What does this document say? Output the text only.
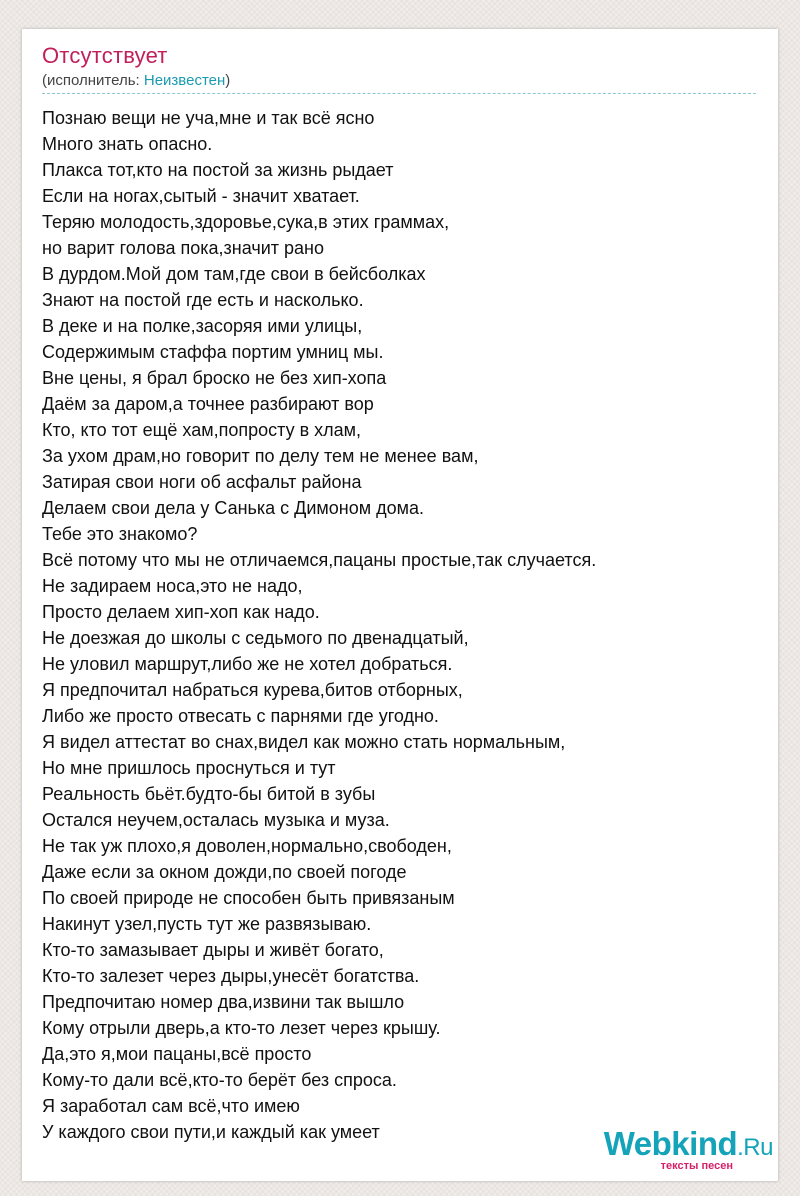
Отсутствует
(исполнитель: Неизвестен)
Познаю вещи не уча,мне и так всё ясно
Много знать опасно.
Плакса тот,кто на постой за жизнь рыдает
Если на ногах,сытый - значит хватает.
Теряю молодость,здоровье,сука,в этих граммах,
но варит голова пока,значит рано
В дурдом.Мой дом там,где свои в бейсболках
Знают на постой где есть и насколько.
В деке и на полке,засоряя ими улицы,
Содержимым стаффа портим умниц мы.
Вне цены, я брал броско не без хип-хопа
Даём за даром,а точнее разбирают вор
Кто, кто тот ещё хам,попросту в хлам,
За ухом драм,но говорит по делу тем не менее вам,
Затирая свои ноги об асфальт района
Делаем свои дела у Санька с Димоном дома.
Тебе это знакомо?
Всё потому что мы не отличаемся,пацаны простые,так случается.
Не задираем носа,это не надо,
Просто делаем хип-хоп как надо.
Не доезжая до школы с седьмого по двенадцатый,
Не уловил маршрут,либо же не хотел добраться.
Я предпочитал набраться курева,битов отборных,
Либо же просто отвесать с парнями где угодно.
Я видел аттестат во снах,видел как можно стать нормальным,
Но мне пришлось проснуться и тут
Реальность бьёт.будто-бы битой в зубы
Остался неучем,осталась музыка и муза.
Не так уж плохо,я доволен,нормально,свободен,
Даже если за окном дожди,по своей погоде
По своей природе не способен быть привязаным
Накинут узел,пусть тут же развязываю.
Кто-то замазывает дыры и живёт богато,
Кто-то залезет через дыры,унесёт богатства.
Предпочитаю номер два,извини так вышло
Кому отрыли дверь,а кто-то лезет через крышу.
Да,это я,мои пацаны,всё просто
Кому-то дали всё,кто-то берёт без спроса.
Я заработал сам всё,что имею
У каждого свои пути,и каждый как умеет	Webkind.Ru
тексты песен
